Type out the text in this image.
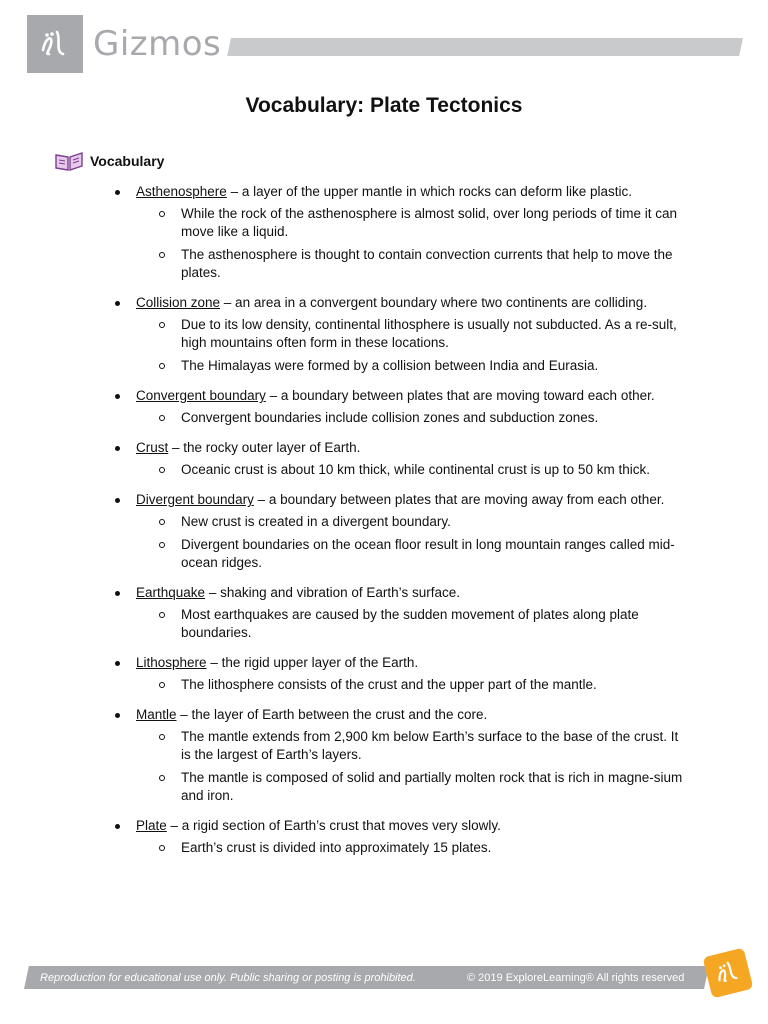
Gizmos
Vocabulary: Plate Tectonics
Vocabulary
Asthenosphere – a layer of the upper mantle in which rocks can deform like plastic.
While the rock of the asthenosphere is almost solid, over long periods of time it can move like a liquid.
The asthenosphere is thought to contain convection currents that help to move the plates.
Collision zone – an area in a convergent boundary where two continents are colliding.
Due to its low density, continental lithosphere is usually not subducted. As a re-sult, high mountains often form in these locations.
The Himalayas were formed by a collision between India and Eurasia.
Convergent boundary – a boundary between plates that are moving toward each other.
Convergent boundaries include collision zones and subduction zones.
Crust – the rocky outer layer of Earth.
Oceanic crust is about 10 km thick, while continental crust is up to 50 km thick.
Divergent boundary – a boundary between plates that are moving away from each other.
New crust is created in a divergent boundary.
Divergent boundaries on the ocean floor result in long mountain ranges called mid-ocean ridges.
Earthquake – shaking and vibration of Earth’s surface.
Most earthquakes are caused by the sudden movement of plates along plate boundaries.
Lithosphere – the rigid upper layer of the Earth.
The lithosphere consists of the crust and the upper part of the mantle.
Mantle – the layer of Earth between the crust and the core.
The mantle extends from 2,900 km below Earth’s surface to the base of the crust. It is the largest of Earth’s layers.
The mantle is composed of solid and partially molten rock that is rich in magne-sium and iron.
Plate – a rigid section of Earth’s crust that moves very slowly.
Earth’s crust is divided into approximately 15 plates.
Reproduction for educational use only. Public sharing or posting is prohibited.	© 2019 ExploreLearning® All rights reserved
